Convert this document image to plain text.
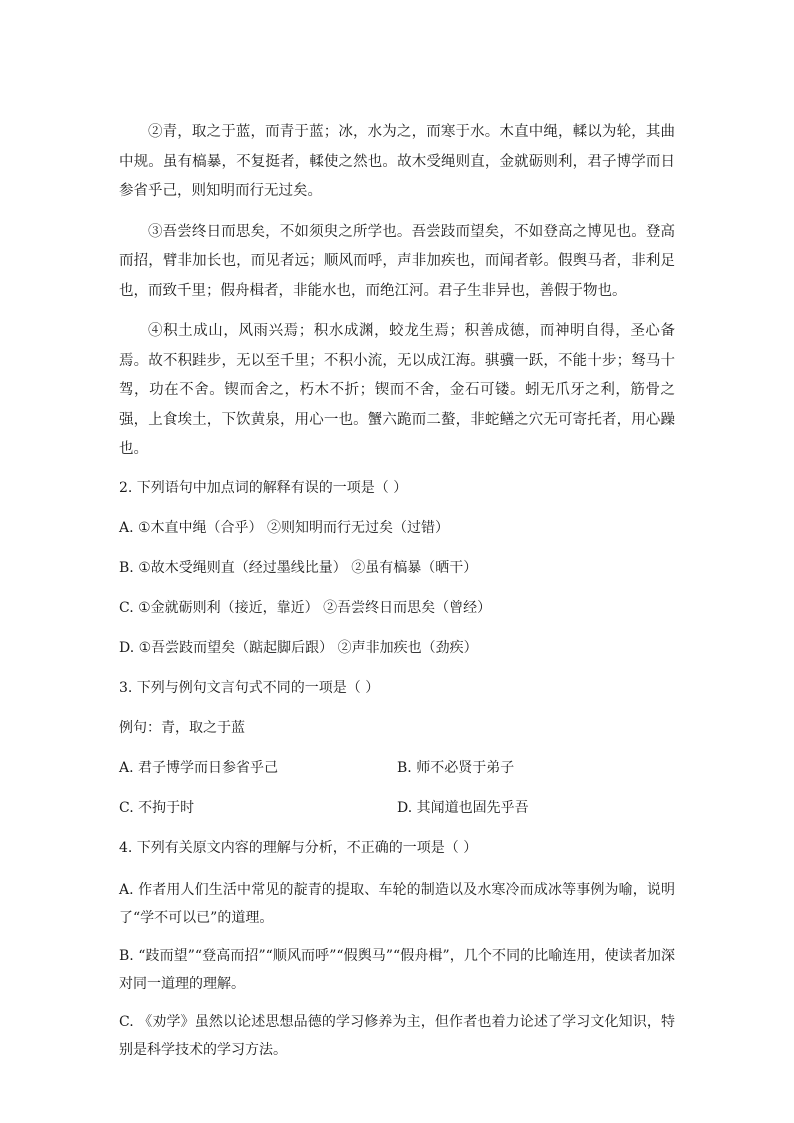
②青，取之于蓝，而青于蓝；冰，水为之，而寒于水。木直中绳，輮以为轮，其曲中规。虽有槁暴，不复挺者，輮使之然也。故木受绳则直，金就砺则利，君子博学而日参省乎己，则知明而行无过矣。

③吾尝终日而思矣，不如须臾之所学也。吾尝跂而望矣，不如登高之博见也。登高而招，臂非加长也，而见者远；顺风而呼，声非加疾也，而闻者彰。假舆马者，非利足也，而致千里；假舟楫者，非能水也，而绝江河。君子生非异也，善假于物也。

④积土成山，风雨兴焉；积水成渊，蛟龙生焉；积善成德，而神明自得，圣心备焉。故不积跬步，无以至千里；不积小流，无以成江海。骐骥一跃，不能十步；驽马十驾，功在不舍。锲而舍之，朽木不折；锲而不舍，金石可镂。蚓无爪牙之利，筋骨之强，上食埃土，下饮黄泉，用心一也。蟹六跪而二螯，非蛇鳝之穴无可寄托者，用心躁也。

2. 下列语句中加点词的解释有误的一项是（ ）

A. ①木直中绳（合乎） ②则知明而行无过矣（过错）

B. ①故木受绳则直（经过墨线比量） ②虽有槁暴（晒干）

C. ①金就砺则利（接近，靠近） ②吾尝终日而思矣（曾经）

D. ①吾尝跂而望矣（踮起脚后跟） ②声非加疾也（劲疾）

3. 下列与例句文言句式不同的一项是（ ）

例句：青，取之于蓝

A. 君子博学而日参省乎己	B. 师不必贤于弟子
C. 不拘于时	D. 其闻道也固先乎吾

4. 下列有关原文内容的理解与分析，不正确的一项是（ ）

A. 作者用人们生活中常见的靛青的提取、车轮的制造以及水寒冷而成冰等事例为喻，说明了“学不可以已”的道理。

B. “跂而望”“登高而招”“顺风而呼”“假舆马”“假舟楫”，几个不同的比喻连用，使读者加深对同一道理的理解。

C. 《劝学》虽然以论述思想品德的学习修养为主，但作者也着力论述了学习文化知识，特别是科学技术的学习方法。
